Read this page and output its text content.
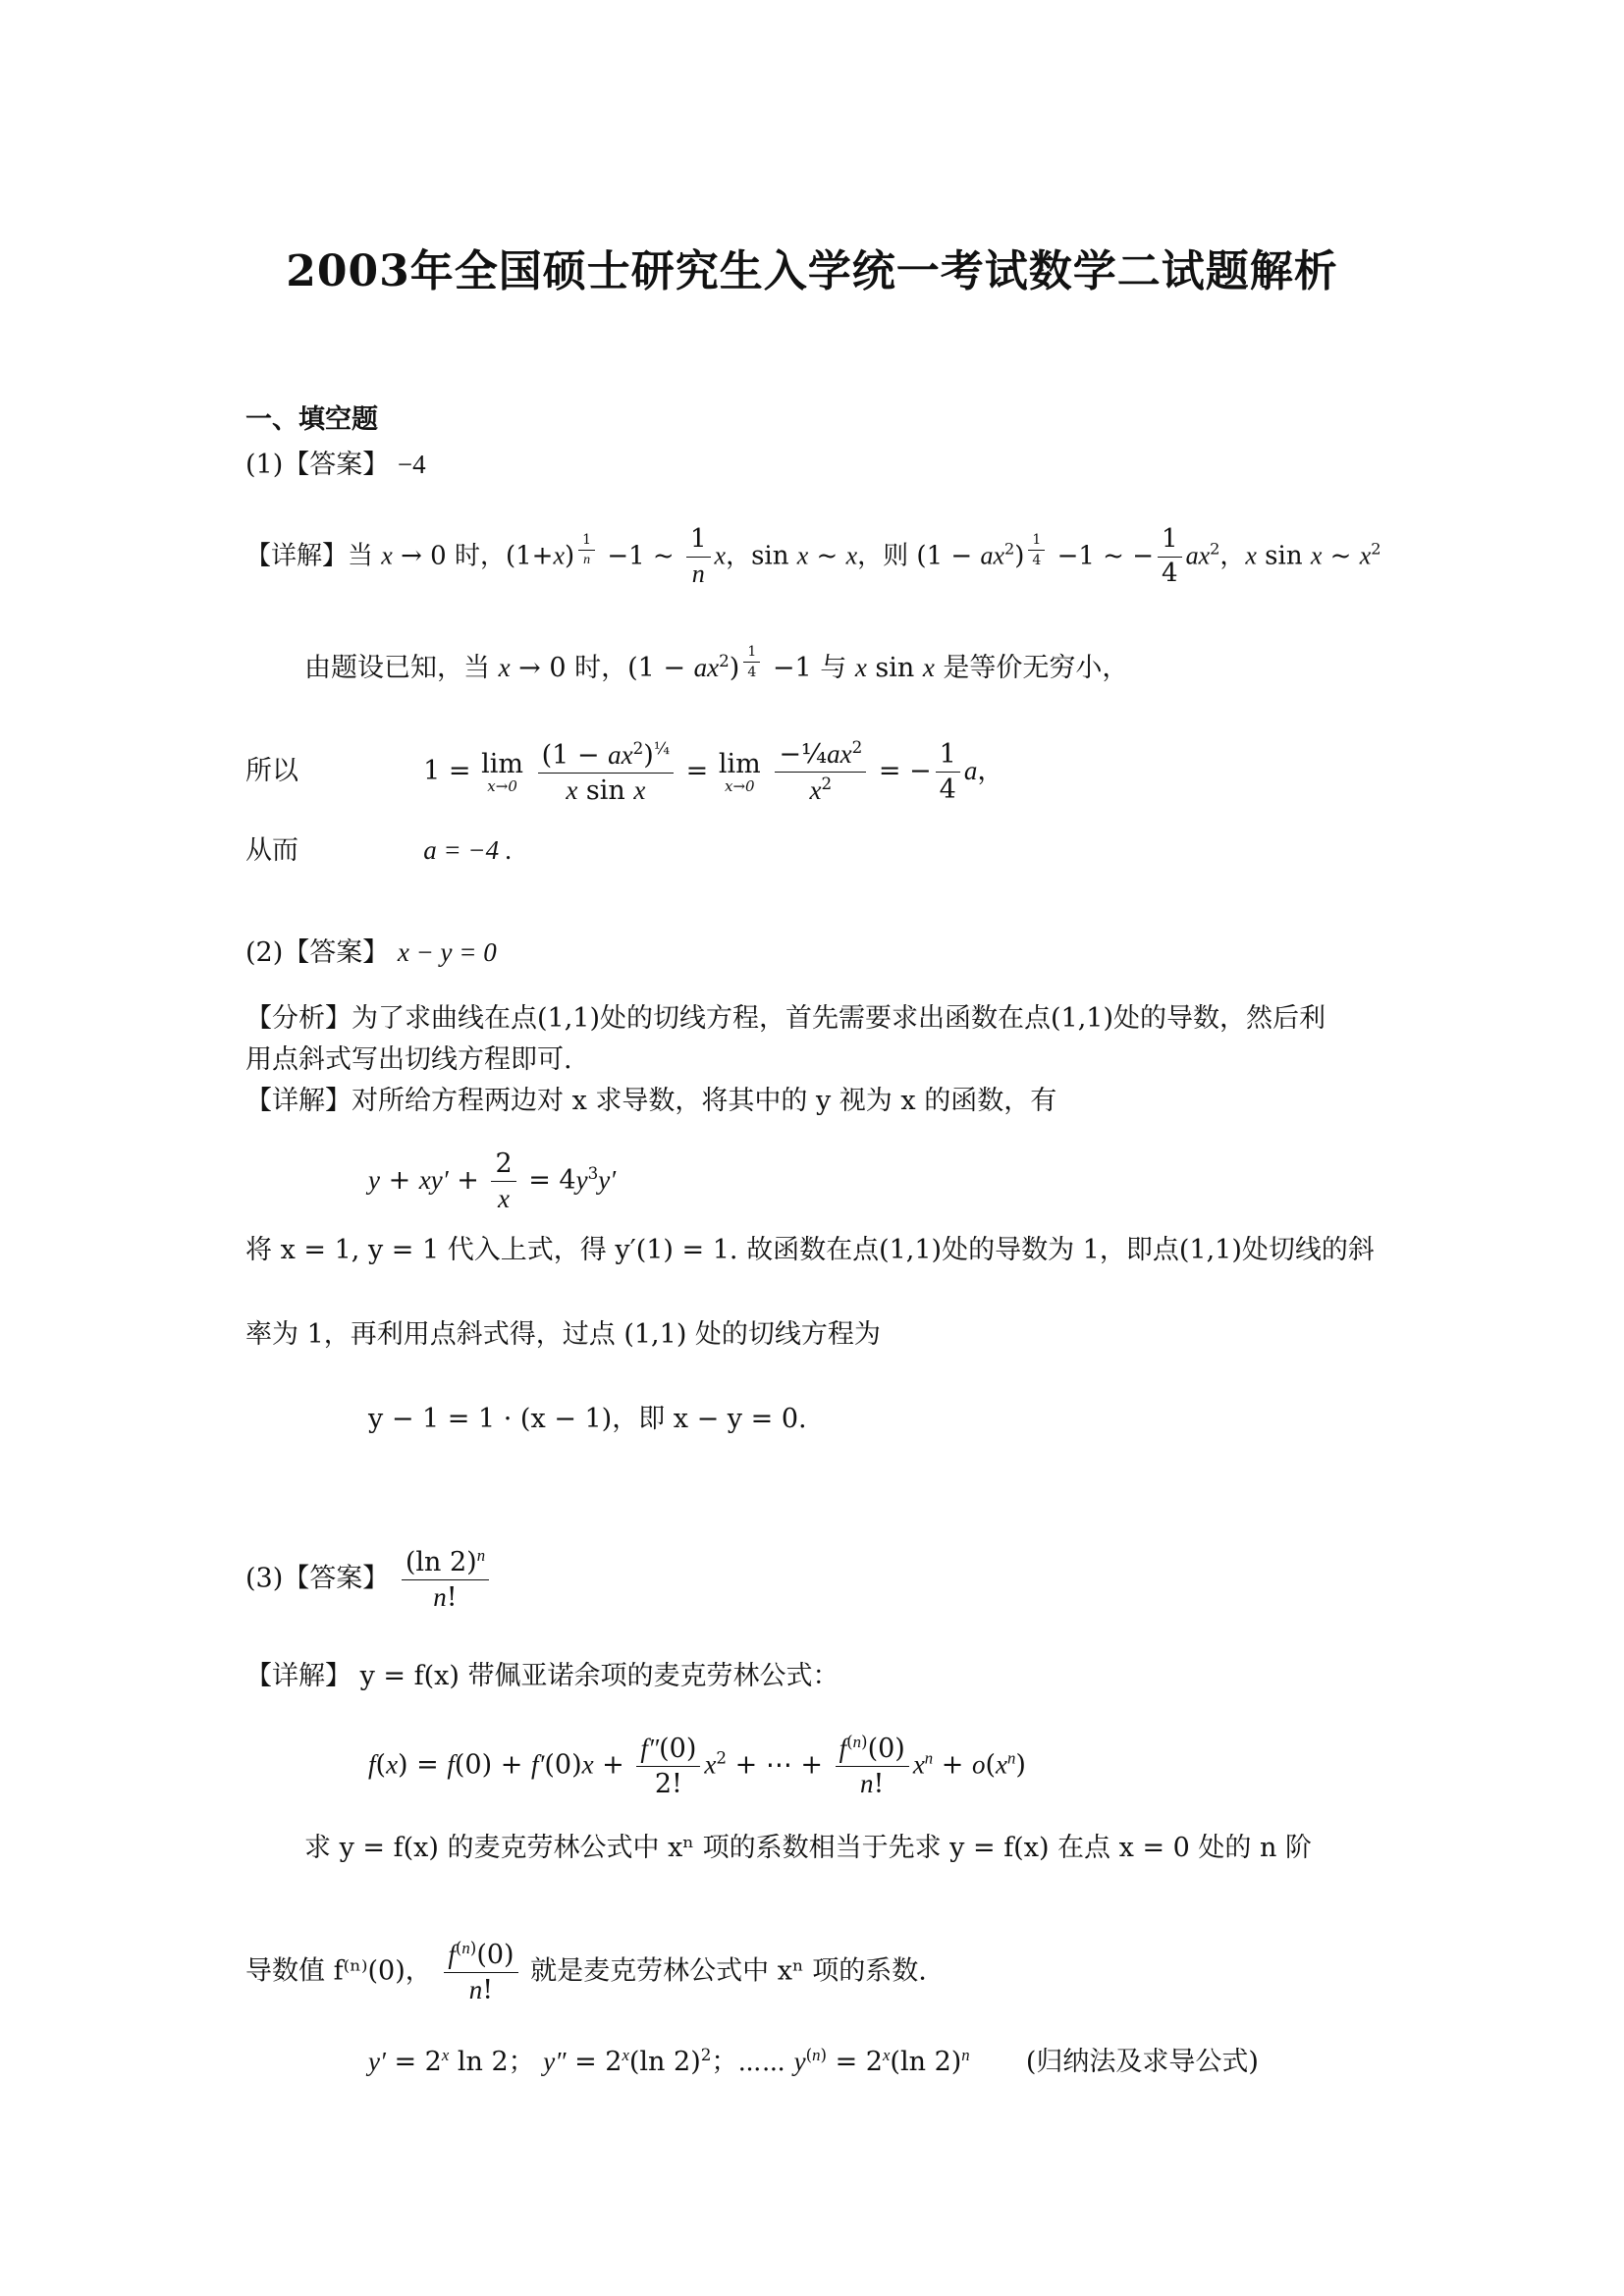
2003年全国硕士研究生入学统一考试数学二试题解析
一、填空题
(1)【答案】 −4
【详解】当 x → 0 时，(1+x) $^{\frac{1}{n}}$ −1 ~ $\frac{1}{n}$ x，sin x ~ x，则 $(1 - ax^2)$ $^{\frac{1}{4}}$ −1 ~ − $\frac{1}{4} ax^2$，x sin x ~ $x^2$
由题设已知，当 x → 0 时，$(1 - ax^2)$ $^{\frac{1}{4}}$ −1 与 x sin x 是等价无穷小，
所以	1 = lim
x→0
$\frac{(1 - ax^2)^{\frac{1}{4}}}{\text{x sin x}} = \lim$
x→0
$\frac{-\frac{1}{4}ax^2}{x^2}$ = − $\frac{1}{4}$ a，
从而	a = −4 .
(2)【答案】 x − y = 0
【分析】为了求曲线在点(1,1)处的切线方程，首先需要求出函数在点(1,1)处的导数，然后利
用点斜式写出切线方程即可.
【详解】对所给方程两边对 x 求导数，将其中的 y 视为 x 的函数，有
$y + xy' + \frac{2}{x} = 4y^3y'$
将 x = 1, y = 1 代入上式，得 y′(1) = 1. 故函数在点(1,1)处的导数为 1，即点(1,1)处切线的斜
率为 1，再利用点斜式得，过点 (1,1) 处的切线方程为
y − 1 = 1 · (x − 1)，即 x − y = 0.
(3)【答案】 $\frac{(\ln 2)^n}{n!}$
【详解】 y = f(x) 带佩亚诺余项的麦克劳林公式：
$f(x) = f(0) + f'(0)x + \frac{f''(0)}{2!} x^2$ + ⋯ + $\frac{f^{(n)}(0)}{n!} x^n + o(x^n)$
求 y = f(x) 的麦克劳林公式中 xⁿ 项的系数相当于先求 y = f(x) 在点 x = 0 处的 n 阶
导数值 f⁽ⁿ⁾(0)， $\frac{f^{(n)}(0)}{n!}$ 就是麦克劳林公式中 xⁿ 项的系数.
$y' = 2^x$ ln 2； $y'' = 2^x(\ln$ 2)$^2$；⋯⋯ $y^{(n)} = 2^x(\ln$ 2)$^n$ (归纳法及求导公式)
